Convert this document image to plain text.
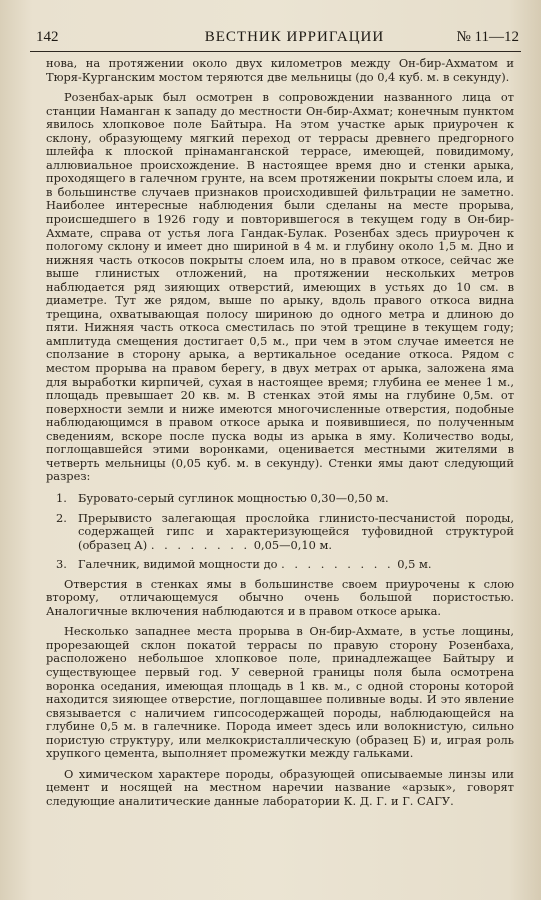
142	ВЕСТНИК ИРРИГАЦИИ	№ 11—12

нова, на протяжении около двух километров между Он-бир-Ахматом и Тюря-Курганским мостом теряются две мельницы (до 0,4 куб. м. в секунду).

Розенбах-арык был осмотрен в сопровождении названного лица от станции Наманган к западу до местности Он-бир-Ахмат; конечным пунктом явилось хлопковое поле Байтыра. На этом участке арык приурочен к склону, образующему мягкий переход от террасы древнего предгорного шлейфа к плоской прінаманганской террасе, имеющей, повидимому, аллювиальное происхождение. В настоящее время дно и стенки арыка, проходящего в галечном грунте, на всем протяжении покрыты слоем ила, и в большинстве случаев признаков происходившей фильтрации не заметно. Наиболее интересные наблюдения были сделаны на месте прорыва, происшедшего в 1926 году и повторившегося в текущем году в Он-бир-Ахмате, справа от устья лога Гандак-Булак. Розенбах здесь приурочен к пологому склону и имеет дно шириной в 4 м. и глубину около 1,5 м. Дно и нижняя часть откосов покрыты слоем ила, но в правом откосе, сейчас же выше глинистых отложений, на протяжении нескольких метров наблюдается ряд зияющих отверстий, имеющих в устьях до 10 см. в диаметре. Тут же рядом, выше по арыку, вдоль правого откоса видна трещина, охватывающая полосу шириною до одного метра и длиною до пяти. Нижняя часть откоса сместилась по этой трещине в текущем году; амплитуда смещения достигает 0,5 м., при чем в этом случае имеется не сползание в сторону арыка, а вертикальное оседание откоса. Рядом с местом прорыва на правом берегу, в двух метрах от арыка, заложена яма для выработки кирпичей, сухая в настоящее время; глубина ее менее 1 м., площадь превышает 20 кв. м. В стенках этой ямы на глубине 0,5м. от поверхности земли и ниже имеются многочисленные отверстия, подобные наблюдающимся в правом откосе арыка и появившиеся, по полученным сведениям, вскоре после пуска воды из арыка в яму. Количество воды, поглощавшейся этими воронками, оценивается местными жителями в четверть мельницы (0,05 куб. м. в секунду). Стенки ямы дают следующий разрез:

1. Буровато-серый суглинок мощностью 0,30—0,50 м.
2. Прерывисто залегающая прослойка глинисто-песчанистой породы, содержащей гипс и характеризующейся туфовидной структурой (образец А) . . . . . . . . 0,05—0,10 м.
3. Галечник, видимой мощности до . . . . . . . . . 0,5 м.

Отверстия в стенках ямы в большинстве своем приурочены к слою второму, отличающемуся обычно очень большой пористостью. Аналогичные включения наблюдаются и в правом откосе арыка.

Несколько западнее места прорыва в Он-бир-Ахмате, в устье лощины, прорезающей склон покатой террасы по правую сторону Розенбаха, расположено небольшое хлопковое поле, принадлежащее Байтыру и существующее первый год. У северной границы поля была осмотрена воронка оседания, имеющая площадь в 1 кв. м., с одной стороны которой находится зияющее отверстие, поглощавшее поливные воды. И это явление связывается с наличием гипсосодержащей породы, наблюдающейся на глубине 0,5 м. в галечнике. Порода имеет здесь или волокнистую, сильно пористую структуру, или мелкокристаллическую (образец Б) и, играя роль хрупкого цемента, выполняет промежутки между гальками.

О химическом характере породы, образующей описываемые линзы или цемент и носящей на местном наречии название «арзык», говорят следующие аналитические данные лаборатории К. Д. Г. и Г. САГУ.
